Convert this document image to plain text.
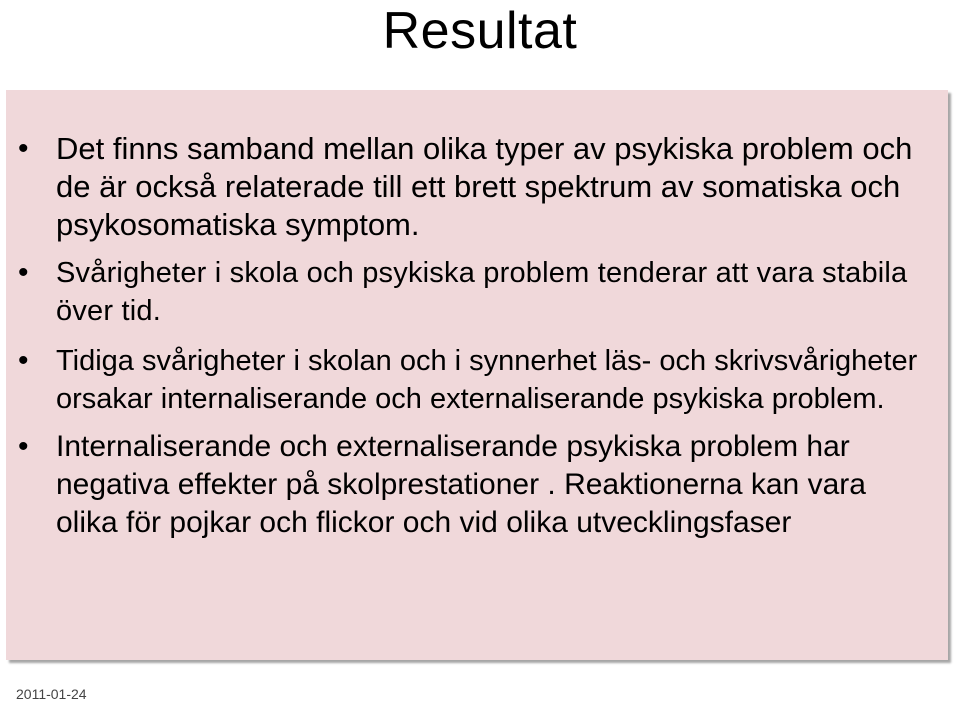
Resultat
• Det finns samband mellan olika typer av psykiska problem och de är också relaterade till ett brett spektrum av somatiska och psykosomatiska symptom.
• Svårigheter i skola och psykiska problem tenderar att vara stabila över tid.
• Tidiga svårigheter i skolan och i synnerhet läs- och skrivsvårigheter orsakar internaliserande och externaliserande psykiska problem.
• Internaliserande och externaliserande psykiska problem har negativa effekter på skolprestationer . Reaktionerna kan vara olika för pojkar och flickor och vid olika utvecklingsfaser
2011-01-24
